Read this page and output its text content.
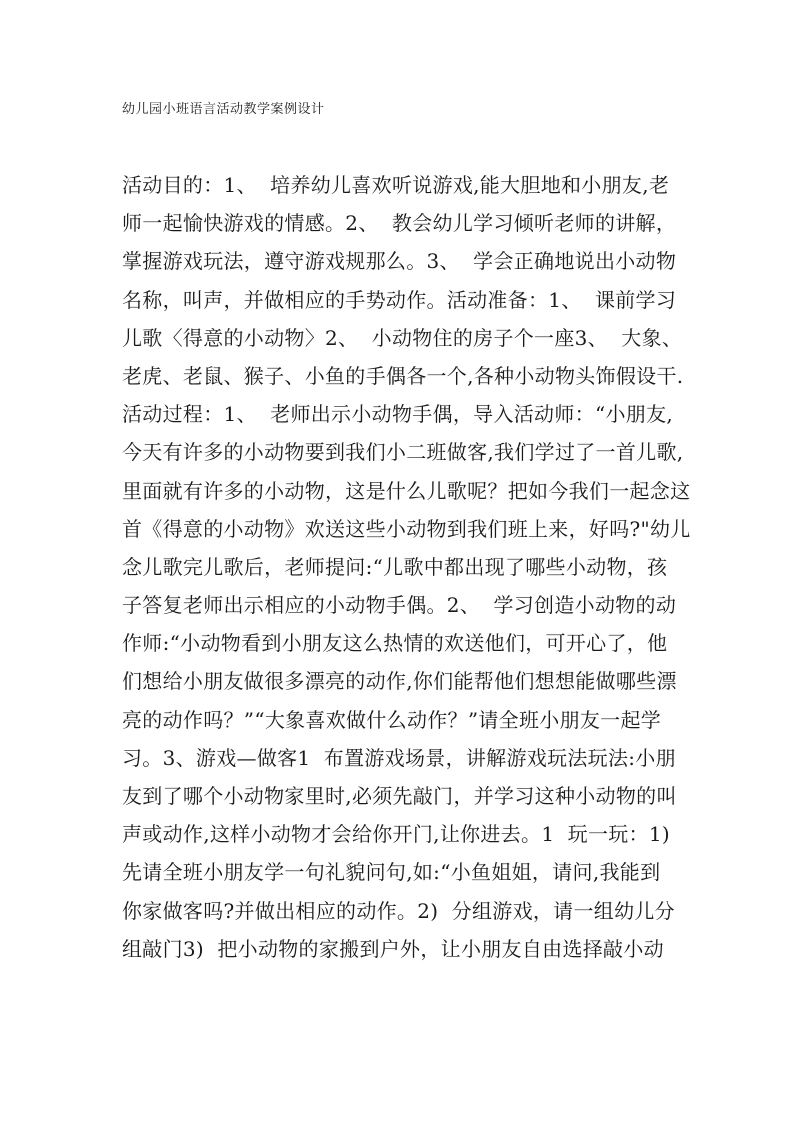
幼儿园小班语言活动教学案例设计
活动目的：1、  培养幼儿喜欢听说游戏,能大胆地和小朋友,老
师一起愉快游戏的情感。2、  教会幼儿学习倾听老师的讲解，
掌握游戏玩法，遵守游戏规那么。3、  学会正确地说出小动物
名称，叫声，并做相应的手势动作。活动准备：1、  课前学习
儿歌〈得意的小动物〉2、  小动物住的房子个一座3、  大象、
老虎、老鼠、猴子、小鱼的手偶各一个,各种小动物头饰假设干.
活动过程：1、  老师出示小动物手偶，导入活动师：“小朋友,
今天有许多的小动物要到我们小二班做客,我们学过了一首儿歌,
里面就有许多的小动物，这是什么儿歌呢？把如今我们一起念这
首《得意的小动物》欢送这些小动物到我们班上来，好吗?"幼儿
念儿歌完儿歌后，老师提问:“儿歌中都出现了哪些小动物，孩
子答复老师出示相应的小动物手偶。2、  学习创造小动物的动
作师:“小动物看到小朋友这么热情的欢送他们，可开心了，他
们想给小朋友做很多漂亮的动作,你们能帮他们想想能做哪些漂
亮的动作吗？”“大象喜欢做什么动作？”请全班小朋友一起学
习。3、游戏—做客1  布置游戏场景，讲解游戏玩法玩法:小朋
友到了哪个小动物家里时,必须先敲门，并学习这种小动物的叫
声或动作,这样小动物才会给你开门,让你进去。1  玩一玩：1)
先请全班小朋友学一句礼貌问句,如:“小鱼姐姐，请问,我能到
你家做客吗?并做出相应的动作。2)  分组游戏，请一组幼儿分
组敲门3)  把小动物的家搬到户外，让小朋友自由选择敲小动
